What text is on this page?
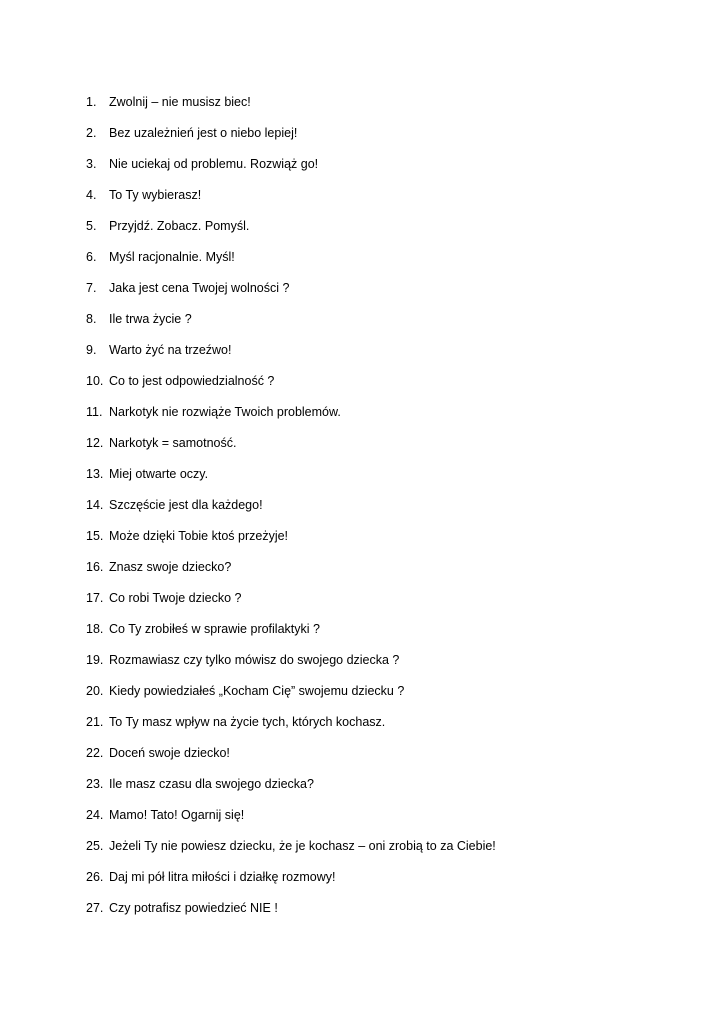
1.	Zwolnij – nie musisz biec!
2.	Bez uzależnień jest o niebo lepiej!
3.	Nie uciekaj od problemu. Rozwiąż go!
4.	To Ty wybierasz!
5.	Przyjdź. Zobacz. Pomyśl.
6.	Myśl racjonalnie. Myśl!
7.	Jaka jest cena Twojej wolności ?
8.	Ile trwa życie ?
9.	Warto żyć na trzeźwo!
10. Co to jest odpowiedzialność ?
11. Narkotyk nie rozwiąże Twoich problemów.
12. Narkotyk = samotność.
13. Miej otwarte oczy.
14. Szczęście jest dla każdego!
15. Może dzięki Tobie ktoś przeżyje!
16. Znasz swoje dziecko?
17. Co robi Twoje dziecko ?
18. Co Ty zrobiłeś w sprawie profilaktyki ?
19. Rozmawiasz czy tylko mówisz do swojego dziecka ?
20. Kiedy powiedziałeś „Kocham Cię” swojemu dziecku ?
21. To Ty masz wpływ na życie tych, których kochasz.
22. Doceń swoje dziecko!
23. Ile masz czasu dla swojego dziecka?
24. Mamo! Tato! Ogarnij się!
25. Jeżeli Ty nie powiesz dziecku, że je kochasz – oni zrobią to za Ciebie!
26. Daj mi pół litra miłości i działkę rozmowy!
27. Czy potrafisz powiedzieć NIE !
